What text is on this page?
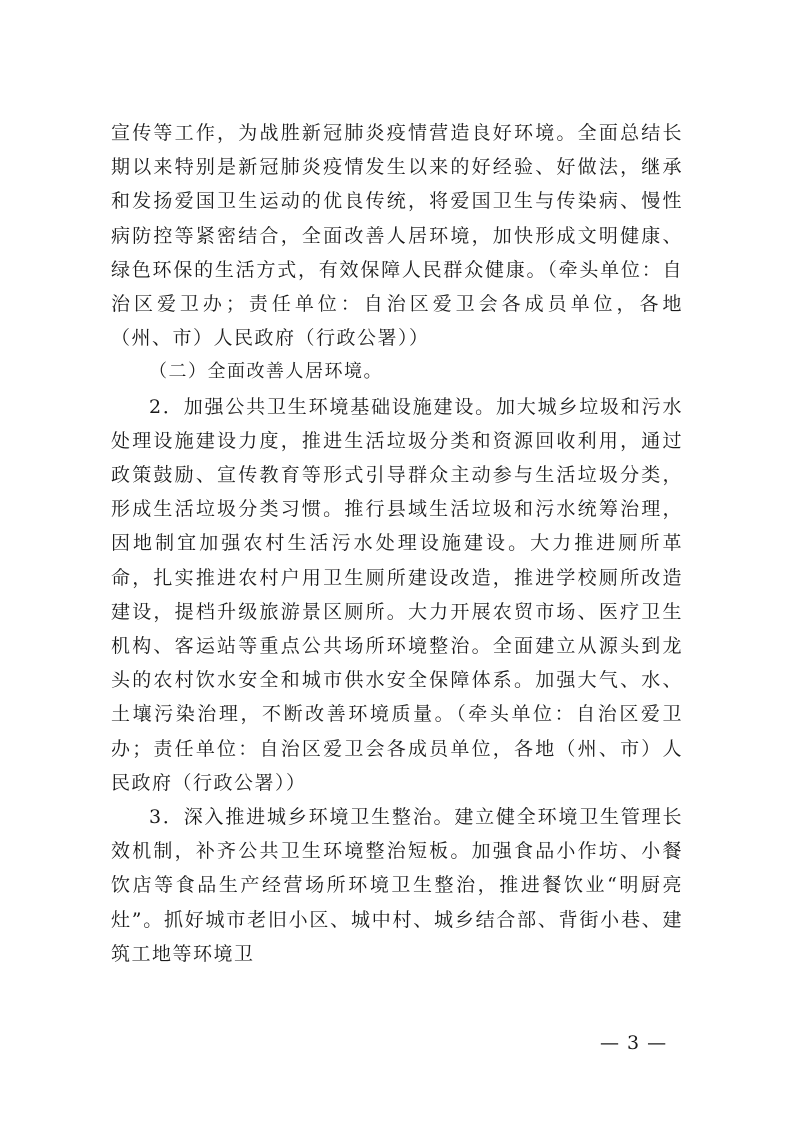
宣传等工作，为战胜新冠肺炎疫情营造良好环境。全面总结长期以来特别是新冠肺炎疫情发生以来的好经验、好做法，继承和发扬爱国卫生运动的优良传统，将爱国卫生与传染病、慢性病防控等紧密结合，全面改善人居环境，加快形成文明健康、绿色环保的生活方式，有效保障人民群众健康。（牵头单位：自治区爱卫办；责任单位：自治区爱卫会各成员单位，各地（州、市）人民政府（行政公署））

（二）全面改善人居环境。

2．加强公共卫生环境基础设施建设。加大城乡垃圾和污水处理设施建设力度，推进生活垃圾分类和资源回收利用，通过政策鼓励、宣传教育等形式引导群众主动参与生活垃圾分类，形成生活垃圾分类习惯。推行县域生活垃圾和污水统筹治理，因地制宜加强农村生活污水处理设施建设。大力推进厕所革命，扎实推进农村户用卫生厕所建设改造，推进学校厕所改造建设，提档升级旅游景区厕所。大力开展农贸市场、医疗卫生机构、客运站等重点公共场所环境整治。全面建立从源头到龙头的农村饮水安全和城市供水安全保障体系。加强大气、水、土壤污染治理，不断改善环境质量。（牵头单位：自治区爱卫办；责任单位：自治区爱卫会各成员单位，各地（州、市）人民政府（行政公署））

3．深入推进城乡环境卫生整治。建立健全环境卫生管理长效机制，补齐公共卫生环境整治短板。加强食品小作坊、小餐饮店等食品生产经营场所环境卫生整治，推进餐饮业“明厨亮灶”。抓好城市老旧小区、城中村、城乡结合部、背街小巷、建筑工地等环境卫

— 3 —
